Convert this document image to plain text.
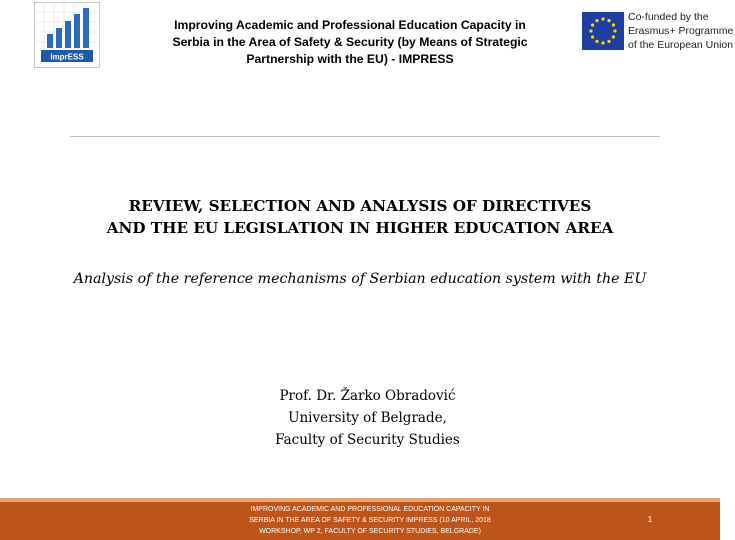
ImprESS
Improving Academic and Professional Education Capacity in
Serbia in the Area of Safety & Security (by Means of Strategic
Partnership with the EU) - IMPRESS
Co-funded by the
Erasmus+ Programme
of the European Union
REVIEW, SELECTION AND ANALYSIS OF DIRECTIVES
AND THE EU LEGISLATION IN HIGHER EDUCATION AREA
Analysis of the reference mechanisms of Serbian education system with the EU
Prof. Dr. Žarko Obradović
University of Belgrade,
Faculty of Security Studies
IMPROVING ACADEMIC AND PROFESSIONAL EDUCATION CAPACITY IN
SERBIA IN THE AREA OF SAFETY & SECURITY IMPRESS (10 APRIL, 2018
WORKSHOP, WP 2, FACULTY OF SECURITY STUDIES, BELGRADE)
1
